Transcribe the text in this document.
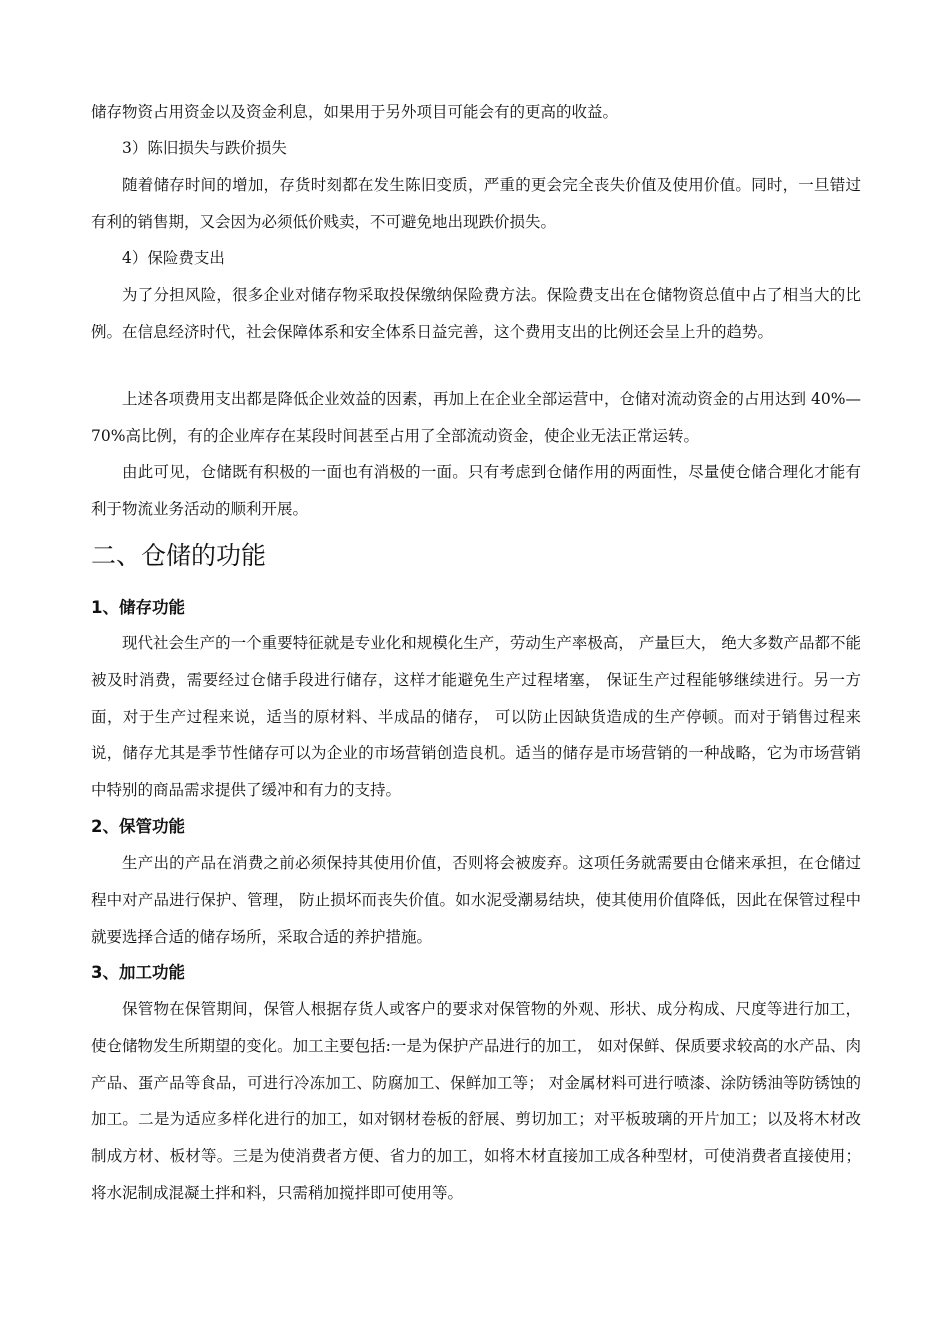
储存物资占用资金以及资金利息，如果用于另外项目可能会有的更高的收益。

3）陈旧损失与跌价损失

随着储存时间的增加，存货时刻都在发生陈旧变质，严重的更会完全丧失价值及使用价值。同时，一旦错过有利的销售期，又会因为必须低价贱卖，不可避免地出现跌价损失。

4）保险费支出

为了分担风险，很多企业对储存物采取投保缴纳保险费方法。保险费支出在仓储物资总值中占了相当大的比例。在信息经济时代，社会保障体系和安全体系日益完善，这个费用支出的比例还会呈上升的趋势。

上述各项费用支出都是降低企业效益的因素，再加上在企业全部运营中，仓储对流动资金的占用达到 40%—70%高比例，有的企业库存在某段时间甚至占用了全部流动资金，使企业无法正常运转。

由此可见，仓储既有积极的一面也有消极的一面。只有考虑到仓储作用的两面性，尽量使仓储合理化才能有利于物流业务活动的顺利开展。

二、仓储的功能
1、储存功能

现代社会生产的一个重要特征就是专业化和规模化生产，劳动生产率极高， 产量巨大， 绝大多数产品都不能被及时消费，需要经过仓储手段进行储存，这样才能避免生产过程堵塞， 保证生产过程能够继续进行。另一方面，对于生产过程来说，适当的原材料、半成品的储存， 可以防止因缺货造成的生产停顿。而对于销售过程来说，储存尤其是季节性储存可以为企业的市场营销创造良机。适当的储存是市场营销的一种战略，它为市场营销中特别的商品需求提供了缓冲和有力的支持。

2、保管功能

生产出的产品在消费之前必须保持其使用价值，否则将会被废弃。这项任务就需要由仓储来承担，在仓储过程中对产品进行保护、管理， 防止损坏而丧失价值。如水泥受潮易结块，使其使用价值降低，因此在保管过程中就要选择合适的储存场所，采取合适的养护措施。

3、加工功能

保管物在保管期间，保管人根据存货人或客户的要求对保管物的外观、形状、成分构成、尺度等进行加工，使仓储物发生所期望的变化。加工主要包括:一是为保护产品进行的加工， 如对保鲜、保质要求较高的水产品、肉产品、蛋产品等食品，可进行冷冻加工、防腐加工、保鲜加工等； 对金属材料可进行喷漆、涂防锈油等防锈蚀的加工。二是为适应多样化进行的加工，如对钢材卷板的舒展、剪切加工；对平板玻璃的开片加工；以及将木材改制成方材、板材等。三是为使消费者方便、省力的加工，如将木材直接加工成各种型材，可使消费者直接使用； 将水泥制成混凝土拌和料，只需稍加搅拌即可使用等。
